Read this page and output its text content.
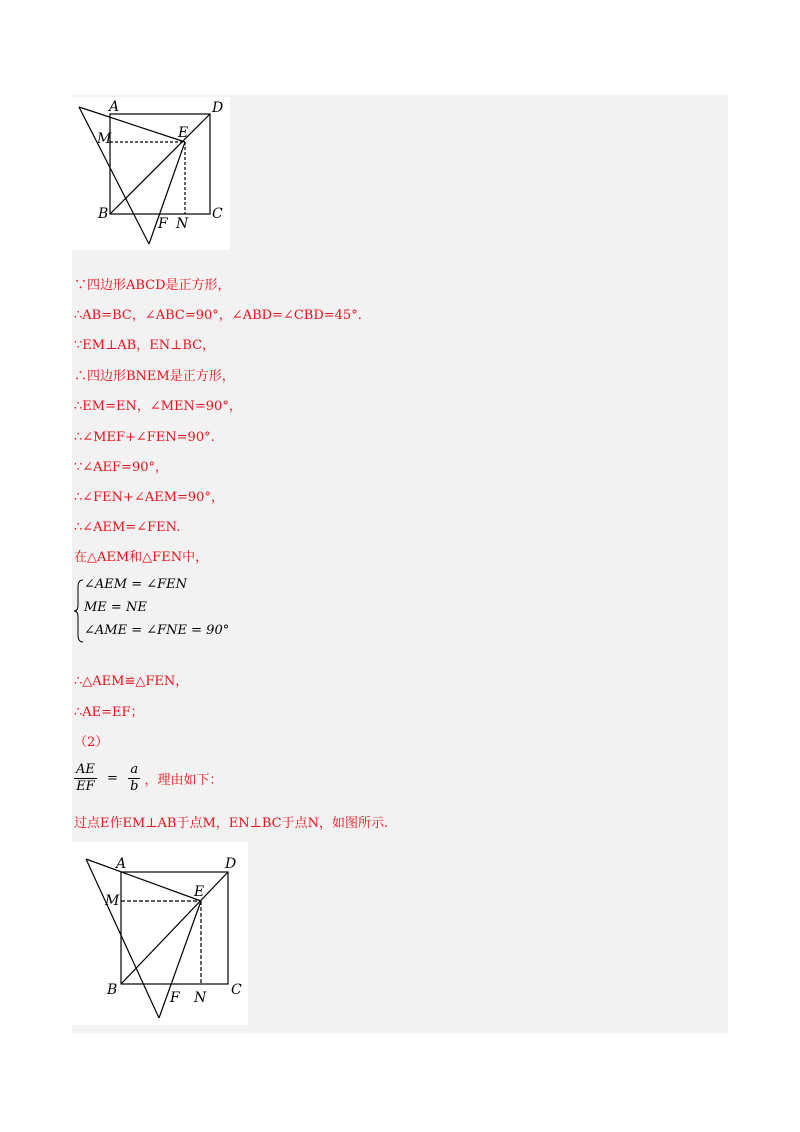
A	D
M	E
B
F N
C
∵四边形ABCD是正方形，
∴AB=BC，∠ABC=90°，∠ABD=∠CBD=45°.
∵EM⊥AB，EN⊥BC，
∴四边形BNEM是正方形，
∴EM=EN，∠MEN=90°，
∴∠MEF+∠FEN=90°.
∵∠AEF=90°，
∴∠FEN+∠AEM=90°，
∴∠AEM=∠FEN.
在△AEM和△FEN中，
∠AEM = ∠FEN
ME = NE
∠AME = ∠FNE = 90°
∴△AEM≌△FEN，
∴AE=EF；
（2）
$\frac{AE}{EF} = \frac{a}{b}$ ，理由如下：
过点E作EM⊥AB于点M，EN⊥BC于点N，如图所示.
A	D
M
E
B	F N C
